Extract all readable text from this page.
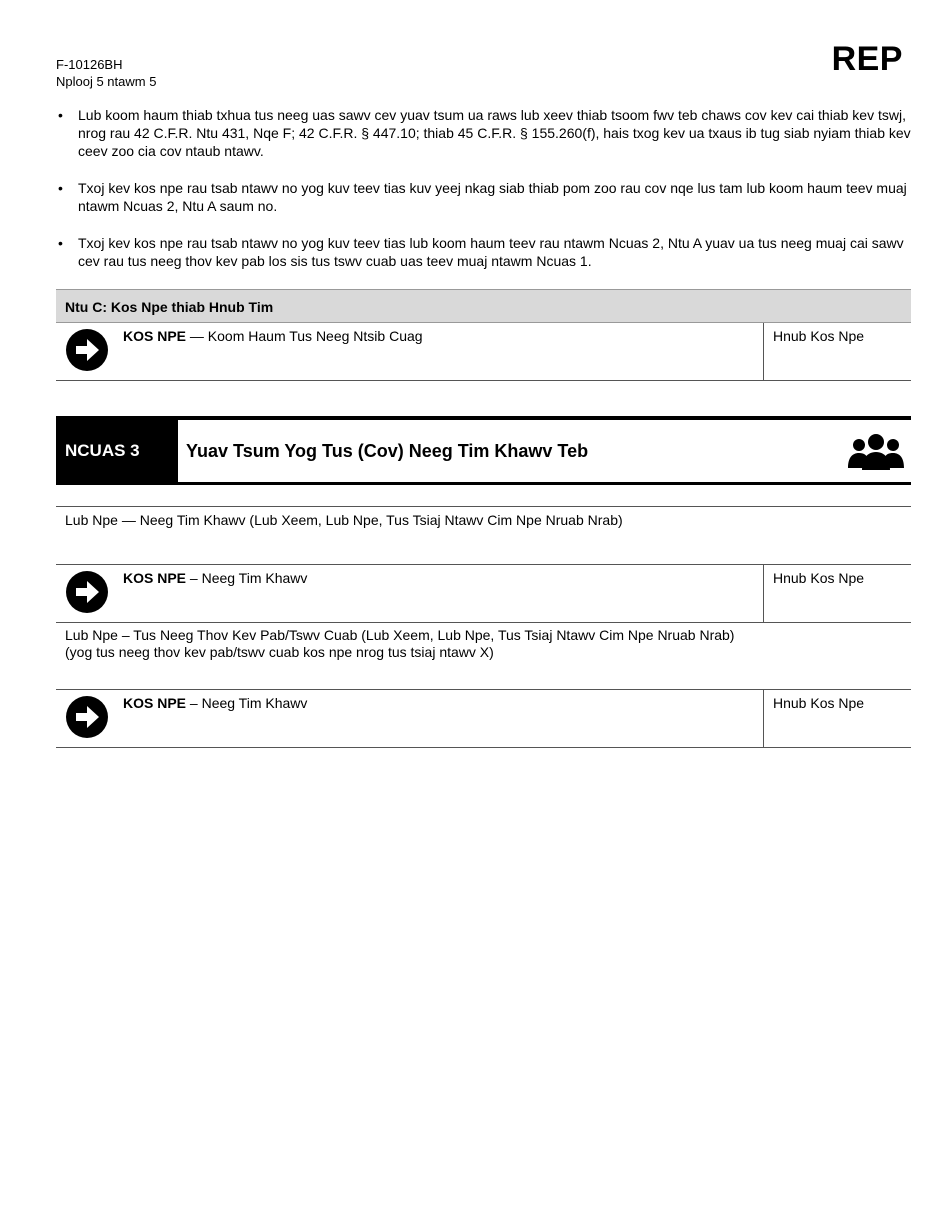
F-10126BH
Nplooj 5 ntawm 5
REP
• Lub koom haum thiab txhua tus neeg uas sawv cev yuav tsum ua raws lub xeev thiab tsoom fwv teb chaws cov kev cai thiab kev tswj, nrog rau 42 C.F.R. Ntu 431, Nqe F; 42 C.F.R. § 447.10; thiab 45 C.F.R. § 155.260(f), hais txog kev ua txaus ib tug siab nyiam thiab kev ceev zoo cia cov ntaub ntawv.
• Txoj kev kos npe rau tsab ntawv no yog kuv teev tias kuv yeej nkag siab thiab pom zoo rau cov nqe lus tam lub koom haum teev muaj ntawm Ncuas 2, Ntu A saum no.
• Txoj kev kos npe rau tsab ntawv no yog kuv teev tias lub koom haum teev rau ntawm Ncuas 2, Ntu A yuav ua tus neeg muaj cai sawv cev rau tus neeg thov kev pab los sis tus tswv cuab uas teev muaj ntawm Ncuas 1.
Ntu C: Kos Npe thiab Hnub Tim
KOS NPE — Koom Haum Tus Neeg Ntsib Cuag	Hnub Kos Npe
NCUAS 3	Yuav Tsum Yog Tus (Cov) Neeg Tim Khawv Teb
Lub Npe — Neeg Tim Khawv (Lub Xeem, Lub Npe, Tus Tsiaj Ntawv Cim Npe Nruab Nrab)
KOS NPE – Neeg Tim Khawv	Hnub Kos Npe
Lub Npe – Tus Neeg Thov Kev Pab/Tswv Cuab (Lub Xeem, Lub Npe, Tus Tsiaj Ntawv Cim Npe Nruab Nrab)
(yog tus neeg thov kev pab/tswv cuab kos npe nrog tus tsiaj ntawv X)
KOS NPE – Neeg Tim Khawv	Hnub Kos Npe
